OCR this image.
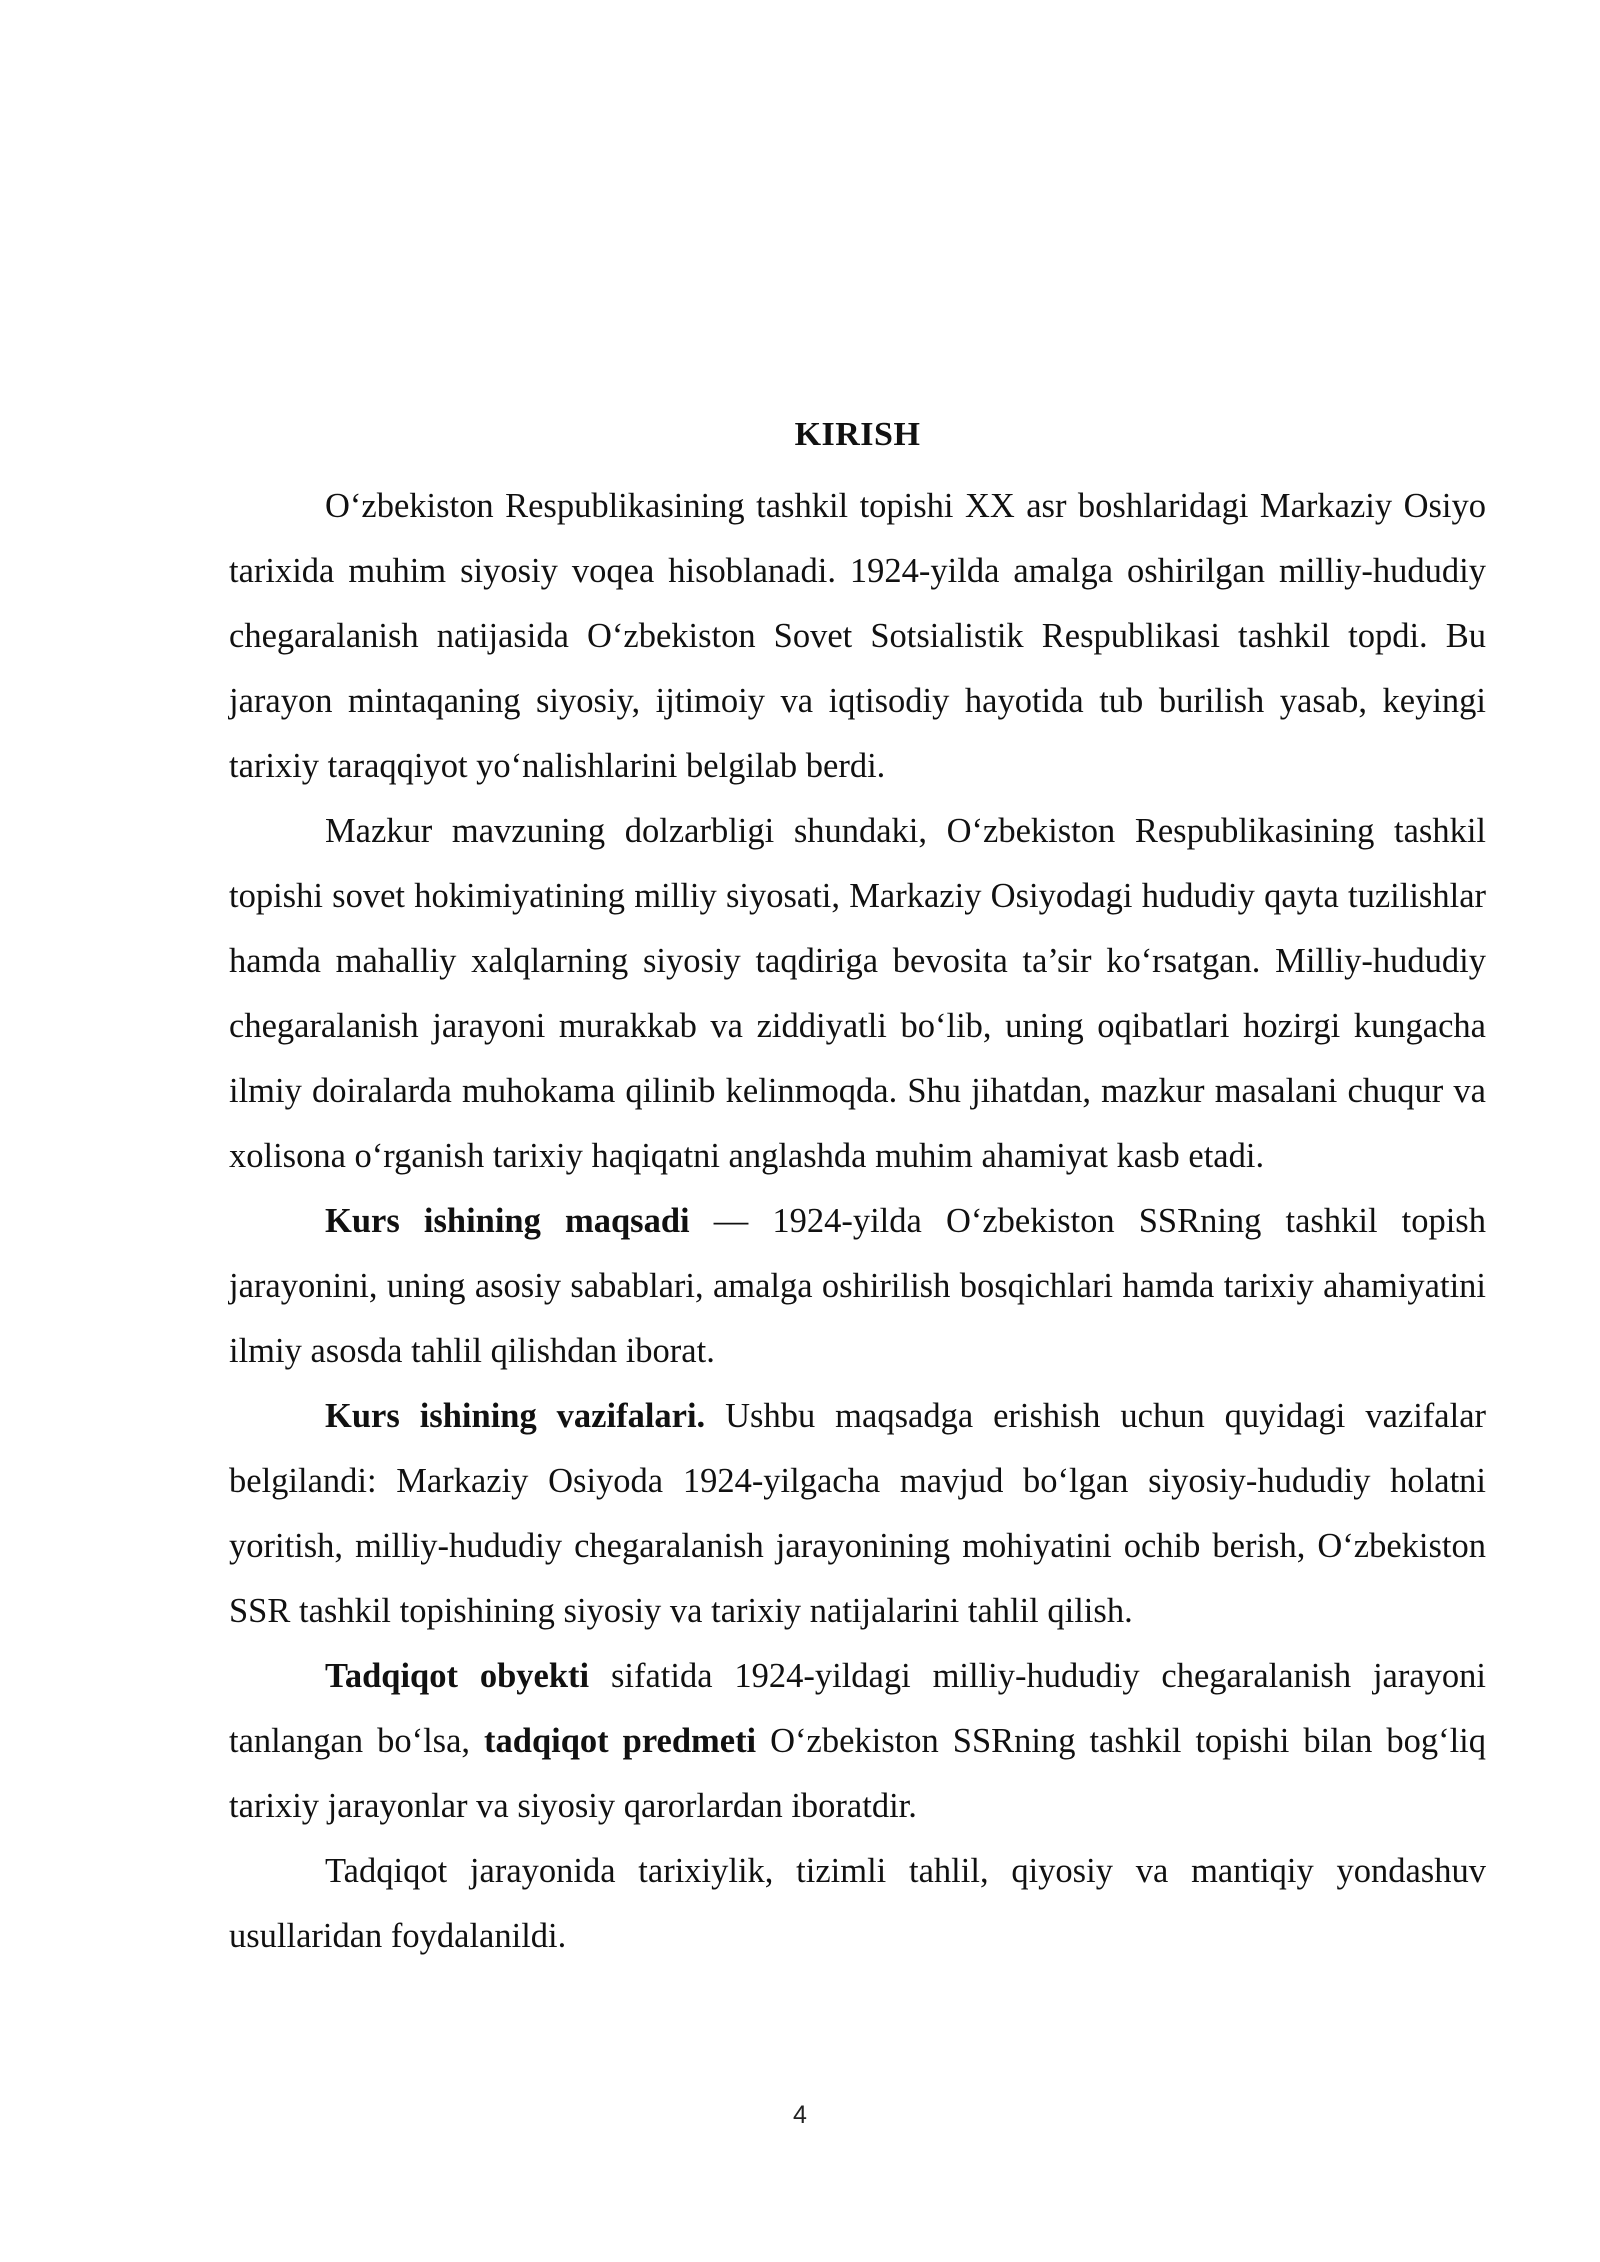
KIRISH

O‘zbekiston Respublikasining tashkil topishi XX asr boshlaridagi Markaziy Osiyo tarixida muhim siyosiy voqea hisoblanadi. 1924-yilda amalga oshirilgan milliy-hududiy chegaralanish natijasida O‘zbekiston Sovet Sotsialistik Respublikasi tashkil topdi. Bu jarayon mintaqaning siyosiy, ijtimoiy va iqtisodiy hayotida tub burilish yasab, keyingi tarixiy taraqqiyot yo‘nalishlarini belgilab berdi.

Mazkur mavzuning dolzarbligi shundaki, O‘zbekiston Respublikasining tashkil topishi sovet hokimiyatining milliy siyosati, Markaziy Osiyodagi hududiy qayta tuzilishlar hamda mahalliy xalqlarning siyosiy taqdiriga bevosita ta’sir ko‘rsatgan. Milliy-hududiy chegaralanish jarayoni murakkab va ziddiyatli bo‘lib, uning oqibatlari hozirgi kungacha ilmiy doiralarda muhokama qilinib kelinmoqda. Shu jihatdan, mazkur masalani chuqur va xolisona o‘rganish tarixiy haqiqatni anglashda muhim ahamiyat kasb etadi.

Kurs ishining maqsadi — 1924-yilda O‘zbekiston SSRning tashkil topish jarayonini, uning asosiy sabablari, amalga oshirilish bosqichlari hamda tarixiy ahamiyatini ilmiy asosda tahlil qilishdan iborat.

Kurs ishining vazifalari. Ushbu maqsadga erishish uchun quyidagi vazifalar belgilandi: Markaziy Osiyoda 1924-yilgacha mavjud bo‘lgan siyosiy-hududiy holatni yoritish, milliy-hududiy chegaralanish jarayonining mohiyatini ochib berish, O‘zbekiston SSR tashkil topishining siyosiy va tarixiy natijalarini tahlil qilish.

Tadqiqot obyekti sifatida 1924-yildagi milliy-hududiy chegaralanish jarayoni tanlangan bo‘lsa, tadqiqot predmeti O‘zbekiston SSRning tashkil topishi bilan bog‘liq tarixiy jarayonlar va siyosiy qarorlardan iboratdir.

Tadqiqot jarayonida tarixiylik, tizimli tahlil, qiyosiy va mantiqiy yondashuv usullaridan foydalanildi.

4
